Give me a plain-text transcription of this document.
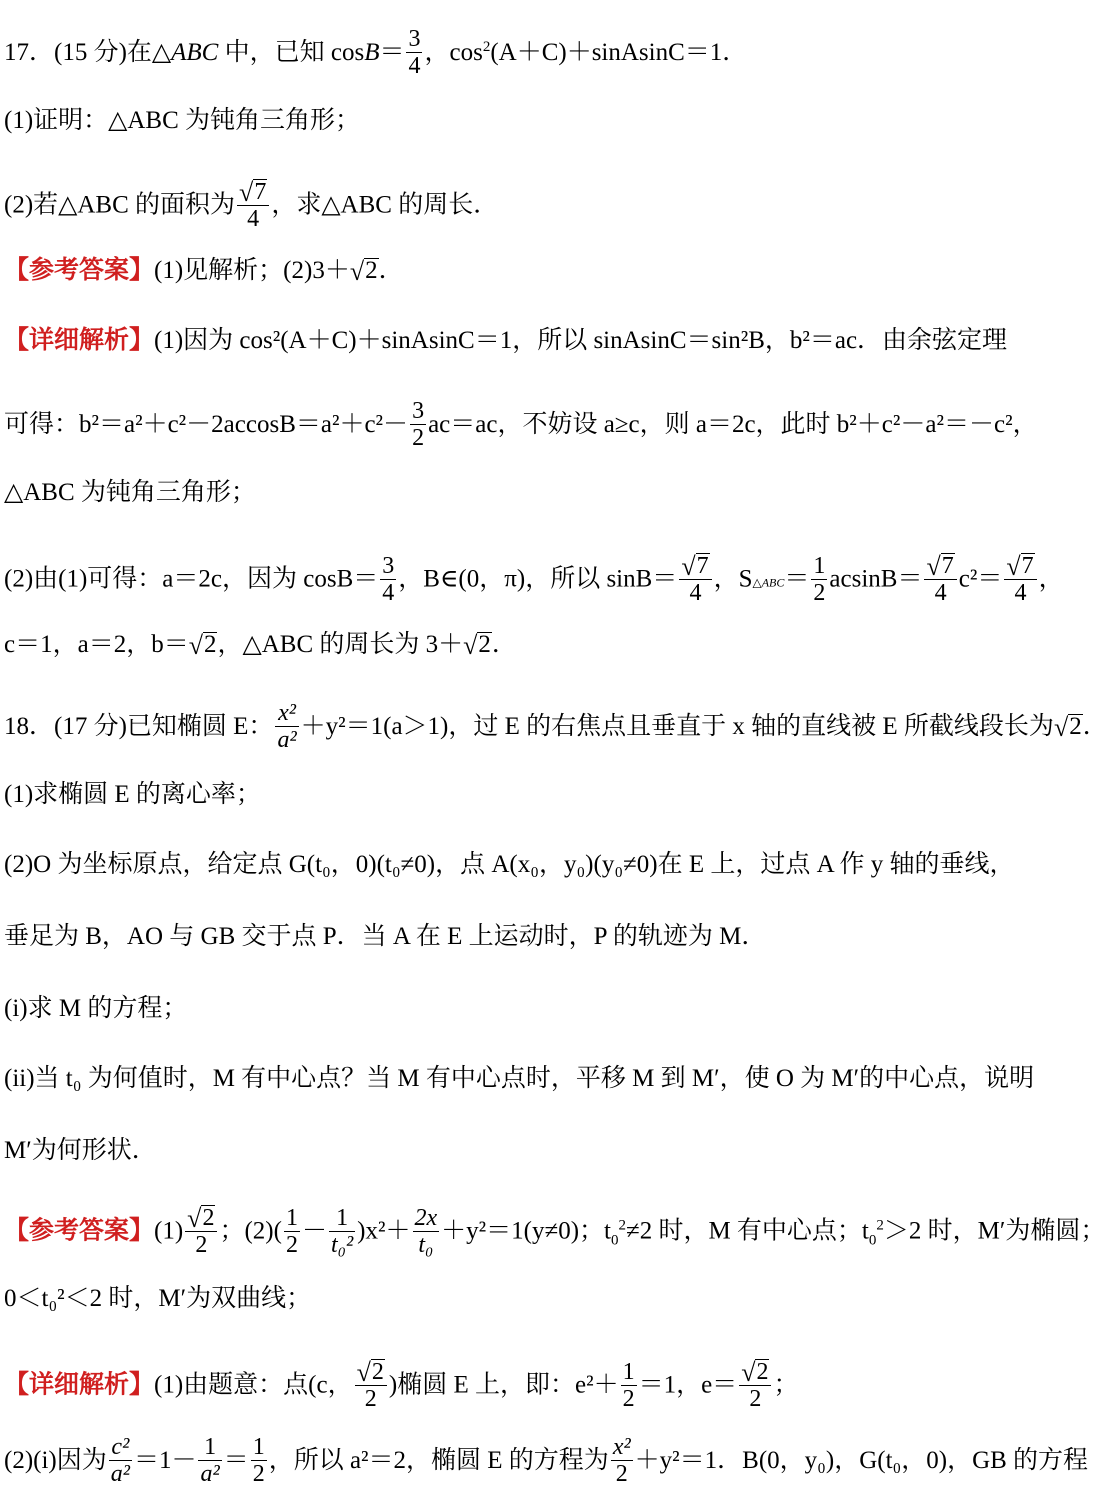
17．(15 分)在△ABC 中，已知 $\cos B= \frac{3}{4}$ ，$\cos^2(A+C)+sinAsinC=1$．
(1)证明：△ABC 为钝角三角形；
(2)若△ABC 的面积为 $\frac{√7}{4}$ ，求△ABC 的周长．
【参考答案】(1)见解析；(2)3＋√2．
【详细解析】(1)因为 cos²(A＋C)＋sinAsinC＝1，所以 sinAsinC＝sin²B，b²＝ac．由余弦定理
可得：$b^2=a^2+c^2-2accosB=a^2+c^2- \frac{3}{2} ac=ac$，不妨设 a≥c，则 a＝2c，此时 b²＋c²－a²＝－c²，
△ABC 为钝角三角形；
(2)由(1)可得：a＝2c，因为 $\cos B= \frac{3}{4}$ ，B∈(0，π)，所以 $\sin B= \frac{√7}{4}$ ，S△ABC＝ $\frac{1}{2} acsinB= \frac{√7}{4} c^2= \frac{√7}{4}$ ，
c＝1，a＝2，b＝√2，△ABC 的周长为 3＋√2．
18．(17 分)已知椭圆 E： $\frac{\text{x²}}{\text{a²}} +y^2=1(a>1)$，过 E 的右焦点且垂直于 x 轴的直线被 E 所截线段长为√2．
(1)求椭圆 E 的离心率；
(2)O 为坐标原点，给定点 G(t₀，0)(t₀≠0)，点 A(x₀，y₀)(y₀≠0)在 E 上，过点 A 作 y 轴的垂线，
垂足为 B，AO 与 GB 交于点 P．当 A 在 E 上运动时，P 的轨迹为 M．
(i)求 M 的方程；
(ii)当 t₀ 为何值时，M 有中心点？当 M 有中心点时，平移 M 到 M′，使 O 为 M′的中心点，说明
M′为何形状．
【参考答案】$(1) \frac{√2}{2}$ ；$(2)( \frac{1}{2} - \frac{1}{\text{t₀²}} )x^2+ \frac{2x}{\text{t₀}} +y^2=1(y\ne 0)$；$t_0^2\ne 2$ 时，M 有中心点；$t_0^2>2$ 时，M′为椭圆；
0＜t₀²＜2 时，M′为双曲线；
【详细解析】(1)由题意：点(c， $\frac{√2}{2}$ )椭圆 E 上，即：$e^2+ \frac{1}{2} =1$，$e= \frac{√2}{2}$ ；
(2)(i)因为 $\frac{\text{c²}}{\text{a²}} =1- \frac{1}{\text{a²}} = \frac{1}{2}$ ，所以 a²＝2，椭圆 E 的方程为 $\frac{\text{x²}}{2} +y^2=1$．B(0，y₀)，G(t₀，0)，GB 的方程
